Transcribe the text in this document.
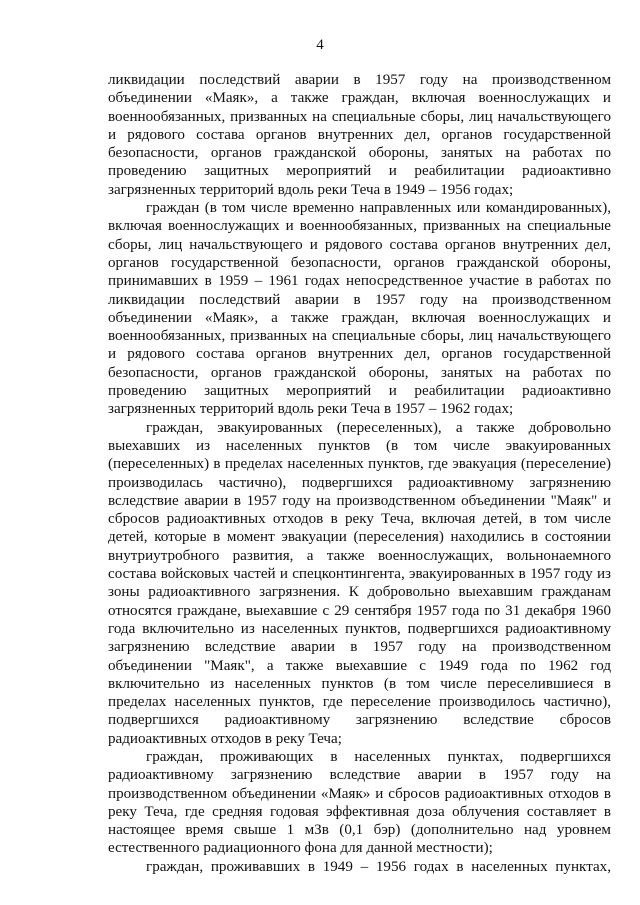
4

ликвидации последствий аварии в 1957 году на производственном объединении «Маяк», а также граждан, включая военнослужащих и военнообязанных, призванных на специальные сборы, лиц начальствующего и рядового состава органов внутренних дел, органов государственной безопасности, органов гражданской обороны, занятых на работах по проведению защитных мероприятий и реабилитации радиоактивно загрязненных территорий вдоль реки Теча в 1949 – 1956 годах;

граждан (в том числе временно направленных или командированных), включая военнослужащих и военнообязанных, призванных на специальные сборы, лиц начальствующего и рядового состава органов внутренних дел, органов государственной безопасности, органов гражданской обороны, принимавших в 1959 – 1961 годах непосредственное участие в работах по ликвидации последствий аварии в 1957 году на производственном объединении «Маяк», а также граждан, включая военнослужащих и военнообязанных, призванных на специальные сборы, лиц начальствующего и рядового состава органов внутренних дел, органов государственной безопасности, органов гражданской обороны, занятых на работах по проведению защитных мероприятий и реабилитации радиоактивно загрязненных территорий вдоль реки Теча в 1957 – 1962 годах;

граждан, эвакуированных (переселенных), а также добровольно выехавших из населенных пунктов (в том числе эвакуированных (переселенных) в пределах населенных пунктов, где эвакуация (переселение) производилась частично), подвергшихся радиоактивному загрязнению вследствие аварии в 1957 году на производственном объединении "Маяк" и сбросов радиоактивных отходов в реку Теча, включая детей, в том числе детей, которые в момент эвакуации (переселения) находились в состоянии внутриутробного развития, а также военнослужащих, вольнонаемного состава войсковых частей и спецконтингента, эвакуированных в 1957 году из зоны радиоактивного загрязнения. К добровольно выехавшим гражданам относятся граждане, выехавшие с 29 сентября 1957 года по 31 декабря 1960 года включительно из населенных пунктов, подвергшихся радиоактивному загрязнению вследствие аварии в 1957 году на производственном объединении "Маяк", а также выехавшие с 1949 года по 1962 год включительно из населенных пунктов (в том числе переселившиеся в пределах населенных пунктов, где переселение производилось частично), подвергшихся радиоактивному загрязнению вследствие сбросов радиоактивных отходов в реку Теча;

граждан, проживающих в населенных пунктах, подвергшихся радиоактивному загрязнению вследствие аварии в 1957 году на производственном объединении «Маяк» и сбросов радиоактивных отходов в реку Теча, где средняя годовая эффективная доза облучения составляет в настоящее время свыше 1 мЗв (0,1 бэр) (дополнительно над уровнем естественного радиационного фона для данной местности);

граждан, проживавших в 1949 – 1956 годах в населенных пунктах,
